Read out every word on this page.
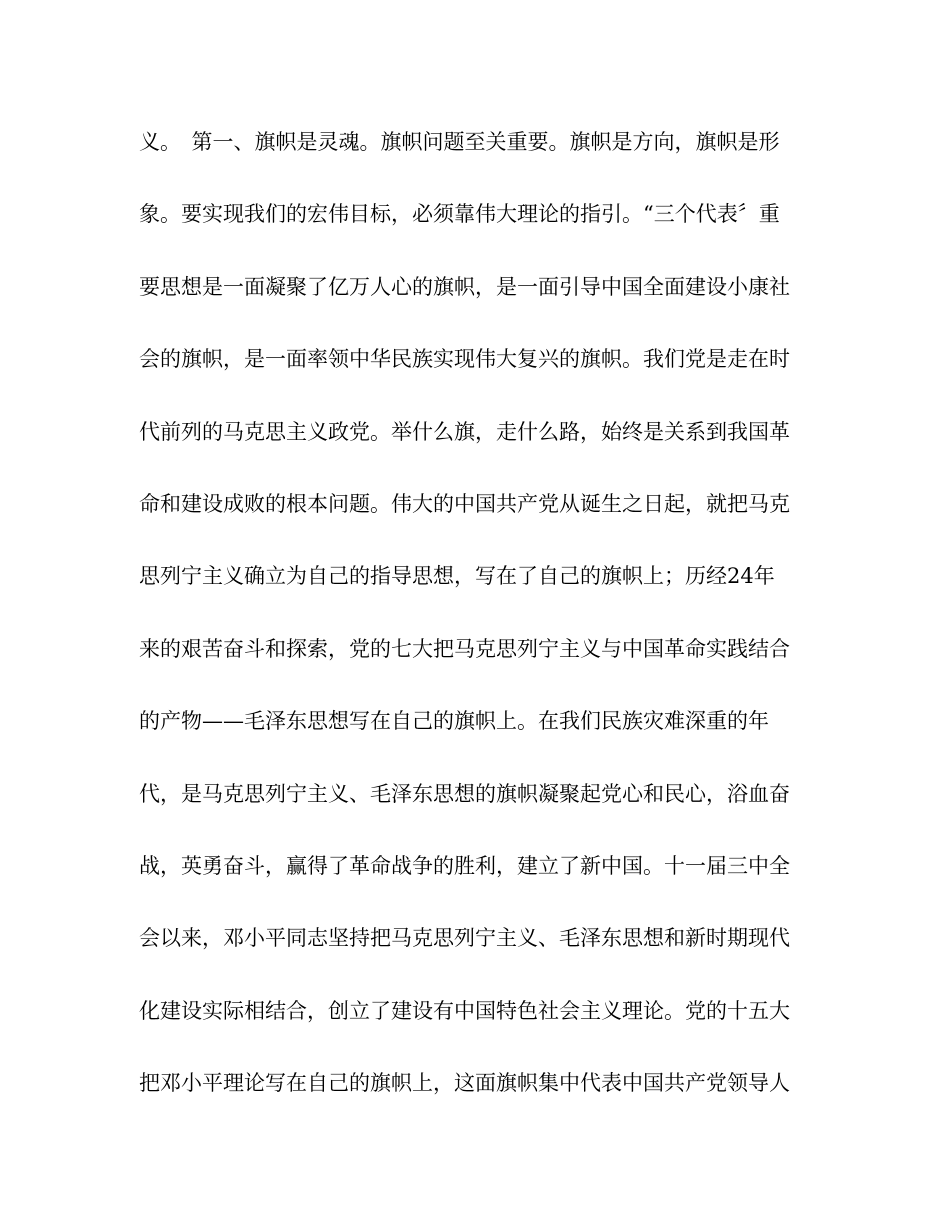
义。　第一、旗帜是灵魂。旗帜问题至关重要。旗帜是方向，旗帜是形
象。要实现我们的宏伟目标，必须靠伟大理论的指引。“三个代表〞重
要思想是一面凝聚了亿万人心的旗帜，是一面引导中国全面建设小康社
会的旗帜，是一面率领中华民族实现伟大复兴的旗帜。我们党是走在时
代前列的马克思主义政党。举什么旗，走什么路，始终是关系到我国革
命和建设成败的根本问题。伟大的中国共产党从诞生之日起，就把马克
思列宁主义确立为自己的指导思想，写在了自己的旗帜上；历经24年
来的艰苦奋斗和探索，党的七大把马克思列宁主义与中国革命实践结合
的产物——毛泽东思想写在自己的旗帜上。在我们民族灾难深重的年
代，是马克思列宁主义、毛泽东思想的旗帜凝聚起党心和民心，浴血奋
战，英勇奋斗，赢得了革命战争的胜利，建立了新中国。十一届三中全
会以来，邓小平同志坚持把马克思列宁主义、毛泽东思想和新时期现代
化建设实际相结合，创立了建设有中国特色社会主义理论。党的十五大
把邓小平理论写在自己的旗帜上，这面旗帜集中代表中国共产党领导人
